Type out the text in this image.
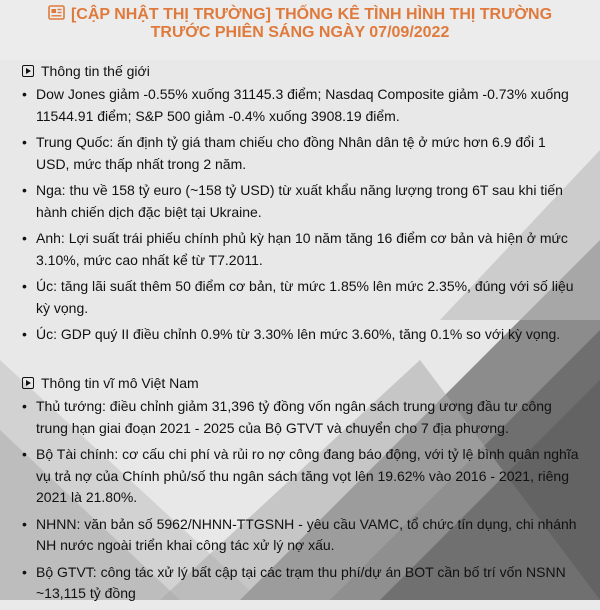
[CẬP NHẬT THỊ TRƯỜNG] THỐNG KÊ TÌNH HÌNH THỊ TRƯỜNG
TRƯỚC PHIÊN SÁNG NGÀY 07/09/2022
Thông tin thế giới
• Dow Jones giảm -0.55% xuống 31145.3 điểm; Nasdaq Composite giảm -0.73% xuống 11544.91 điểm; S&P 500 giảm -0.4% xuống 3908.19 điểm.
• Trung Quốc: ấn định tỷ giá tham chiếu cho đồng Nhân dân tệ ở mức hơn 6.9 đổi 1 USD, mức thấp nhất trong 2 năm.
• Nga: thu về 158 tỷ euro (~158 tỷ USD) từ xuất khẩu năng lượng trong 6T sau khi tiến hành chiến dịch đặc biệt tại Ukraine.
• Anh: Lợi suất trái phiếu chính phủ kỳ hạn 10 năm tăng 16 điểm cơ bản và hiện ở mức 3.10%, mức cao nhất kể từ T7.2011.
• Úc: tăng lãi suất thêm 50 điểm cơ bản, từ mức 1.85% lên mức 2.35%, đúng với số liệu kỳ vọng.
• Úc: GDP quý II điều chỉnh 0.9% từ 3.30% lên mức 3.60%, tăng 0.1% so với kỳ vọng.
Thông tin vĩ mô Việt Nam
• Thủ tướng: điều chỉnh giảm 31,396 tỷ đồng vốn ngân sách trung ương đầu tư công trung hạn giai đoạn 2021 - 2025 của Bộ GTVT và chuyển cho 7 địa phương.
• Bộ Tài chính: cơ cấu chi phí và rủi ro nợ công đang báo động, với tỷ lệ bình quân nghĩa vụ trả nợ của Chính phủ/số thu ngân sách tăng vọt lên 19.62% vào 2016 - 2021, riêng 2021 là 21.80%.
• NHNN: văn bản số 5962/NHNN-TTGSNH - yêu cầu VAMC, tổ chức tín dụng, chi nhánh NH nước ngoài triển khai công tác xử lý nợ xấu.
• Bộ GTVT: công tác xử lý bất cập tại các trạm thu phí/dự án BOT cần bố trí vốn NSNN ~13,115 tỷ đồng
